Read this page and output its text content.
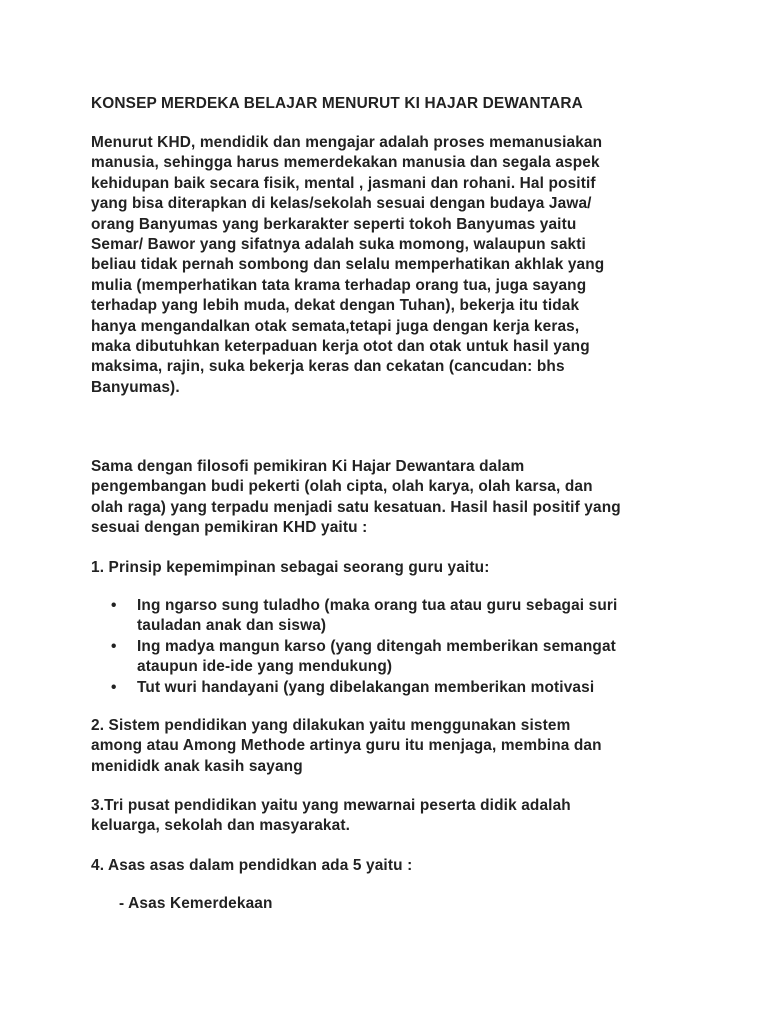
KONSEP MERDEKA BELAJAR MENURUT KI HAJAR DEWANTARA

Menurut KHD, mendidik dan mengajar adalah proses memanusiakan
manusia, sehingga harus memerdekakan manusia dan segala aspek
kehidupan baik secara fisik, mental , jasmani dan rohani. Hal positif
yang bisa diterapkan di kelas/sekolah sesuai dengan budaya Jawa/
orang Banyumas yang berkarakter seperti tokoh Banyumas yaitu
Semar/ Bawor yang sifatnya adalah suka momong, walaupun sakti
beliau tidak pernah sombong dan selalu memperhatikan akhlak yang
mulia (memperhatikan tata krama terhadap orang tua, juga sayang
terhadap yang lebih muda, dekat dengan Tuhan), bekerja itu tidak
hanya mengandalkan otak semata,tetapi juga dengan kerja keras,
maka dibutuhkan keterpaduan kerja otot dan otak untuk hasil yang
maksima, rajin, suka bekerja keras dan cekatan (cancudan: bhs
Banyumas).

Sama dengan filosofi pemikiran Ki Hajar Dewantara dalam
pengembangan budi pekerti (olah cipta, olah karya, olah karsa, dan
olah raga) yang terpadu menjadi satu kesatuan. Hasil hasil positif yang
sesuai dengan pemikiran KHD yaitu :

1. Prinsip kepemimpinan sebagai seorang guru yaitu:

• Ing ngarso sung tuladho (maka orang tua atau guru sebagai suri
tauladan anak dan siswa)
• Ing madya mangun karso (yang ditengah memberikan semangat
ataupun ide-ide yang mendukung)
• Tut wuri handayani (yang dibelakangan memberikan motivasi

2. Sistem pendidikan yang dilakukan yaitu menggunakan sistem
among atau Among Methode artinya guru itu menjaga, membina dan
menididk anak kasih sayang

3.Tri pusat pendidikan yaitu yang mewarnai peserta didik adalah
keluarga, sekolah dan masyarakat.

4. Asas asas dalam pendidkan ada 5 yaitu :

- Asas Kemerdekaan
